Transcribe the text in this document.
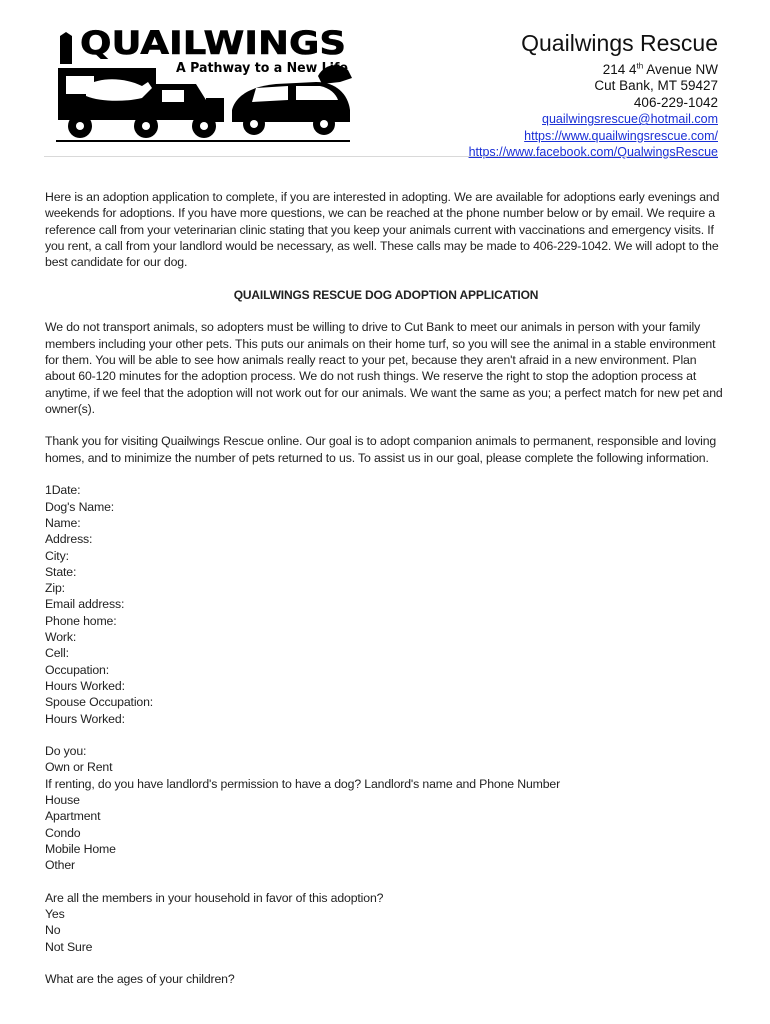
QUAILWINGS
A Pathway to a New Life
Quailwings Rescue
214 4th Avenue NW
Cut Bank, MT 59427
406-229-1042
quailwingsrescue@hotmail.com
https://www.quailwingsrescue.com/
https://www.facebook.com/QualwingsRescue

Here is an adoption application to complete, if you are interested in adopting. We are available for adoptions early evenings and weekends for adoptions. If you have more questions, we can be reached at the phone number below or by email. We require a reference call from your veterinarian clinic stating that you keep your animals current with vaccinations and emergency visits. If you rent, a call from your landlord would be necessary, as well. These calls may be made to 406-229-1042. We will adopt to the best candidate for our dog.

QUAILWINGS RESCUE DOG ADOPTION APPLICATION

We do not transport animals, so adopters must be willing to drive to Cut Bank to meet our animals in person with your family members including your other pets. This puts our animals on their home turf, so you will see the animal in a stable environment for them. You will be able to see how animals really react to your pet, because they aren't afraid in a new environment. Plan about 60-120 minutes for the adoption process. We do not rush things. We reserve the right to stop the adoption process at anytime, if we feel that the adoption will not work out for our animals. We want the same as you; a perfect match for new pet and owner(s).

Thank you for visiting Quailwings Rescue online. Our goal is to adopt companion animals to permanent, responsible and loving homes, and to minimize the number of pets returned to us. To assist us in our goal, please complete the following information.

1Date:
Dog's Name:
Name:
Address:
City:
State:
Zip:
Email address:
Phone home:
Work:
Cell:
Occupation:
Hours Worked:
Spouse Occupation:
Hours Worked:
Do you:
Own or Rent
If renting, do you have landlord's permission to have a dog? Landlord's name and Phone Number
House
Apartment
Condo
Mobile Home
Other
Are all the members in your household in favor of this adoption?
Yes
No
Not Sure
What are the ages of your children?
